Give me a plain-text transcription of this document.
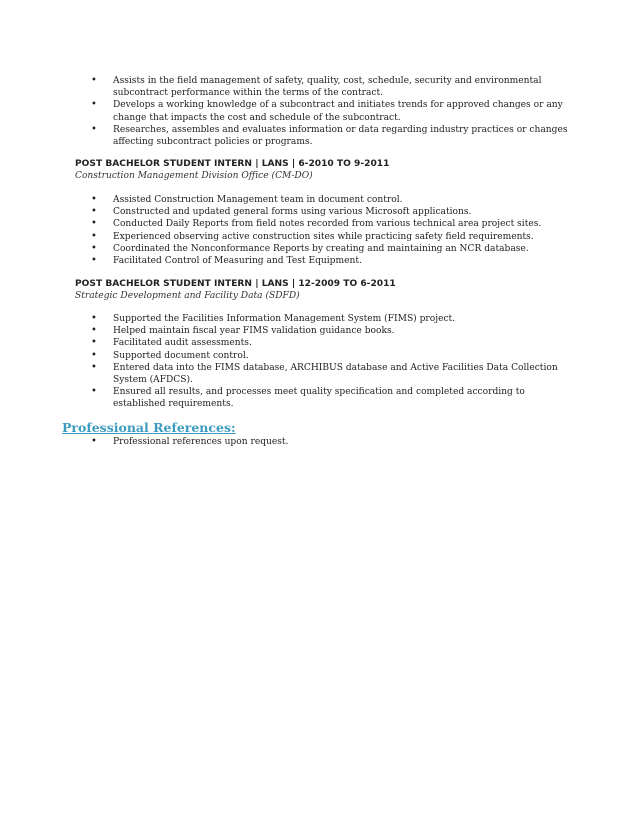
• Assists in the field management of safety, quality, cost, schedule, security and environmental subcontract performance within the terms of the contract.
• Develops a working knowledge of a subcontract and initiates trends for approved changes or any change that impacts the cost and schedule of the subcontract.
• Researches, assembles and evaluates information or data regarding industry practices or changes affecting subcontract policies or programs.

POST BACHELOR STUDENT INTERN | LANS | 6-2010 TO 9-2011

Construction Management Division Office (CM-DO)

• Assisted Construction Management team in document control.
• Constructed and updated general forms using various Microsoft applications.
• Conducted Daily Reports from field notes recorded from various technical area project sites.
• Experienced observing active construction sites while practicing safety field requirements.
• Coordinated the Nonconformance Reports by creating and maintaining an NCR database.
• Facilitated Control of Measuring and Test Equipment.

POST BACHELOR STUDENT INTERN | LANS | 12-2009 TO 6-2011

Strategic Development and Facility Data (SDFD)

• Supported the Facilities Information Management System (FIMS) project.
• Helped maintain fiscal year FIMS validation guidance books.
• Facilitated audit assessments.
• Supported document control.
• Entered data into the FIMS database, ARCHIBUS database and Active Facilities Data Collection System (AFDCS).
• Ensured all results, and processes meet quality specification and completed according to established requirements.
Professional References:
• Professional references upon request.
